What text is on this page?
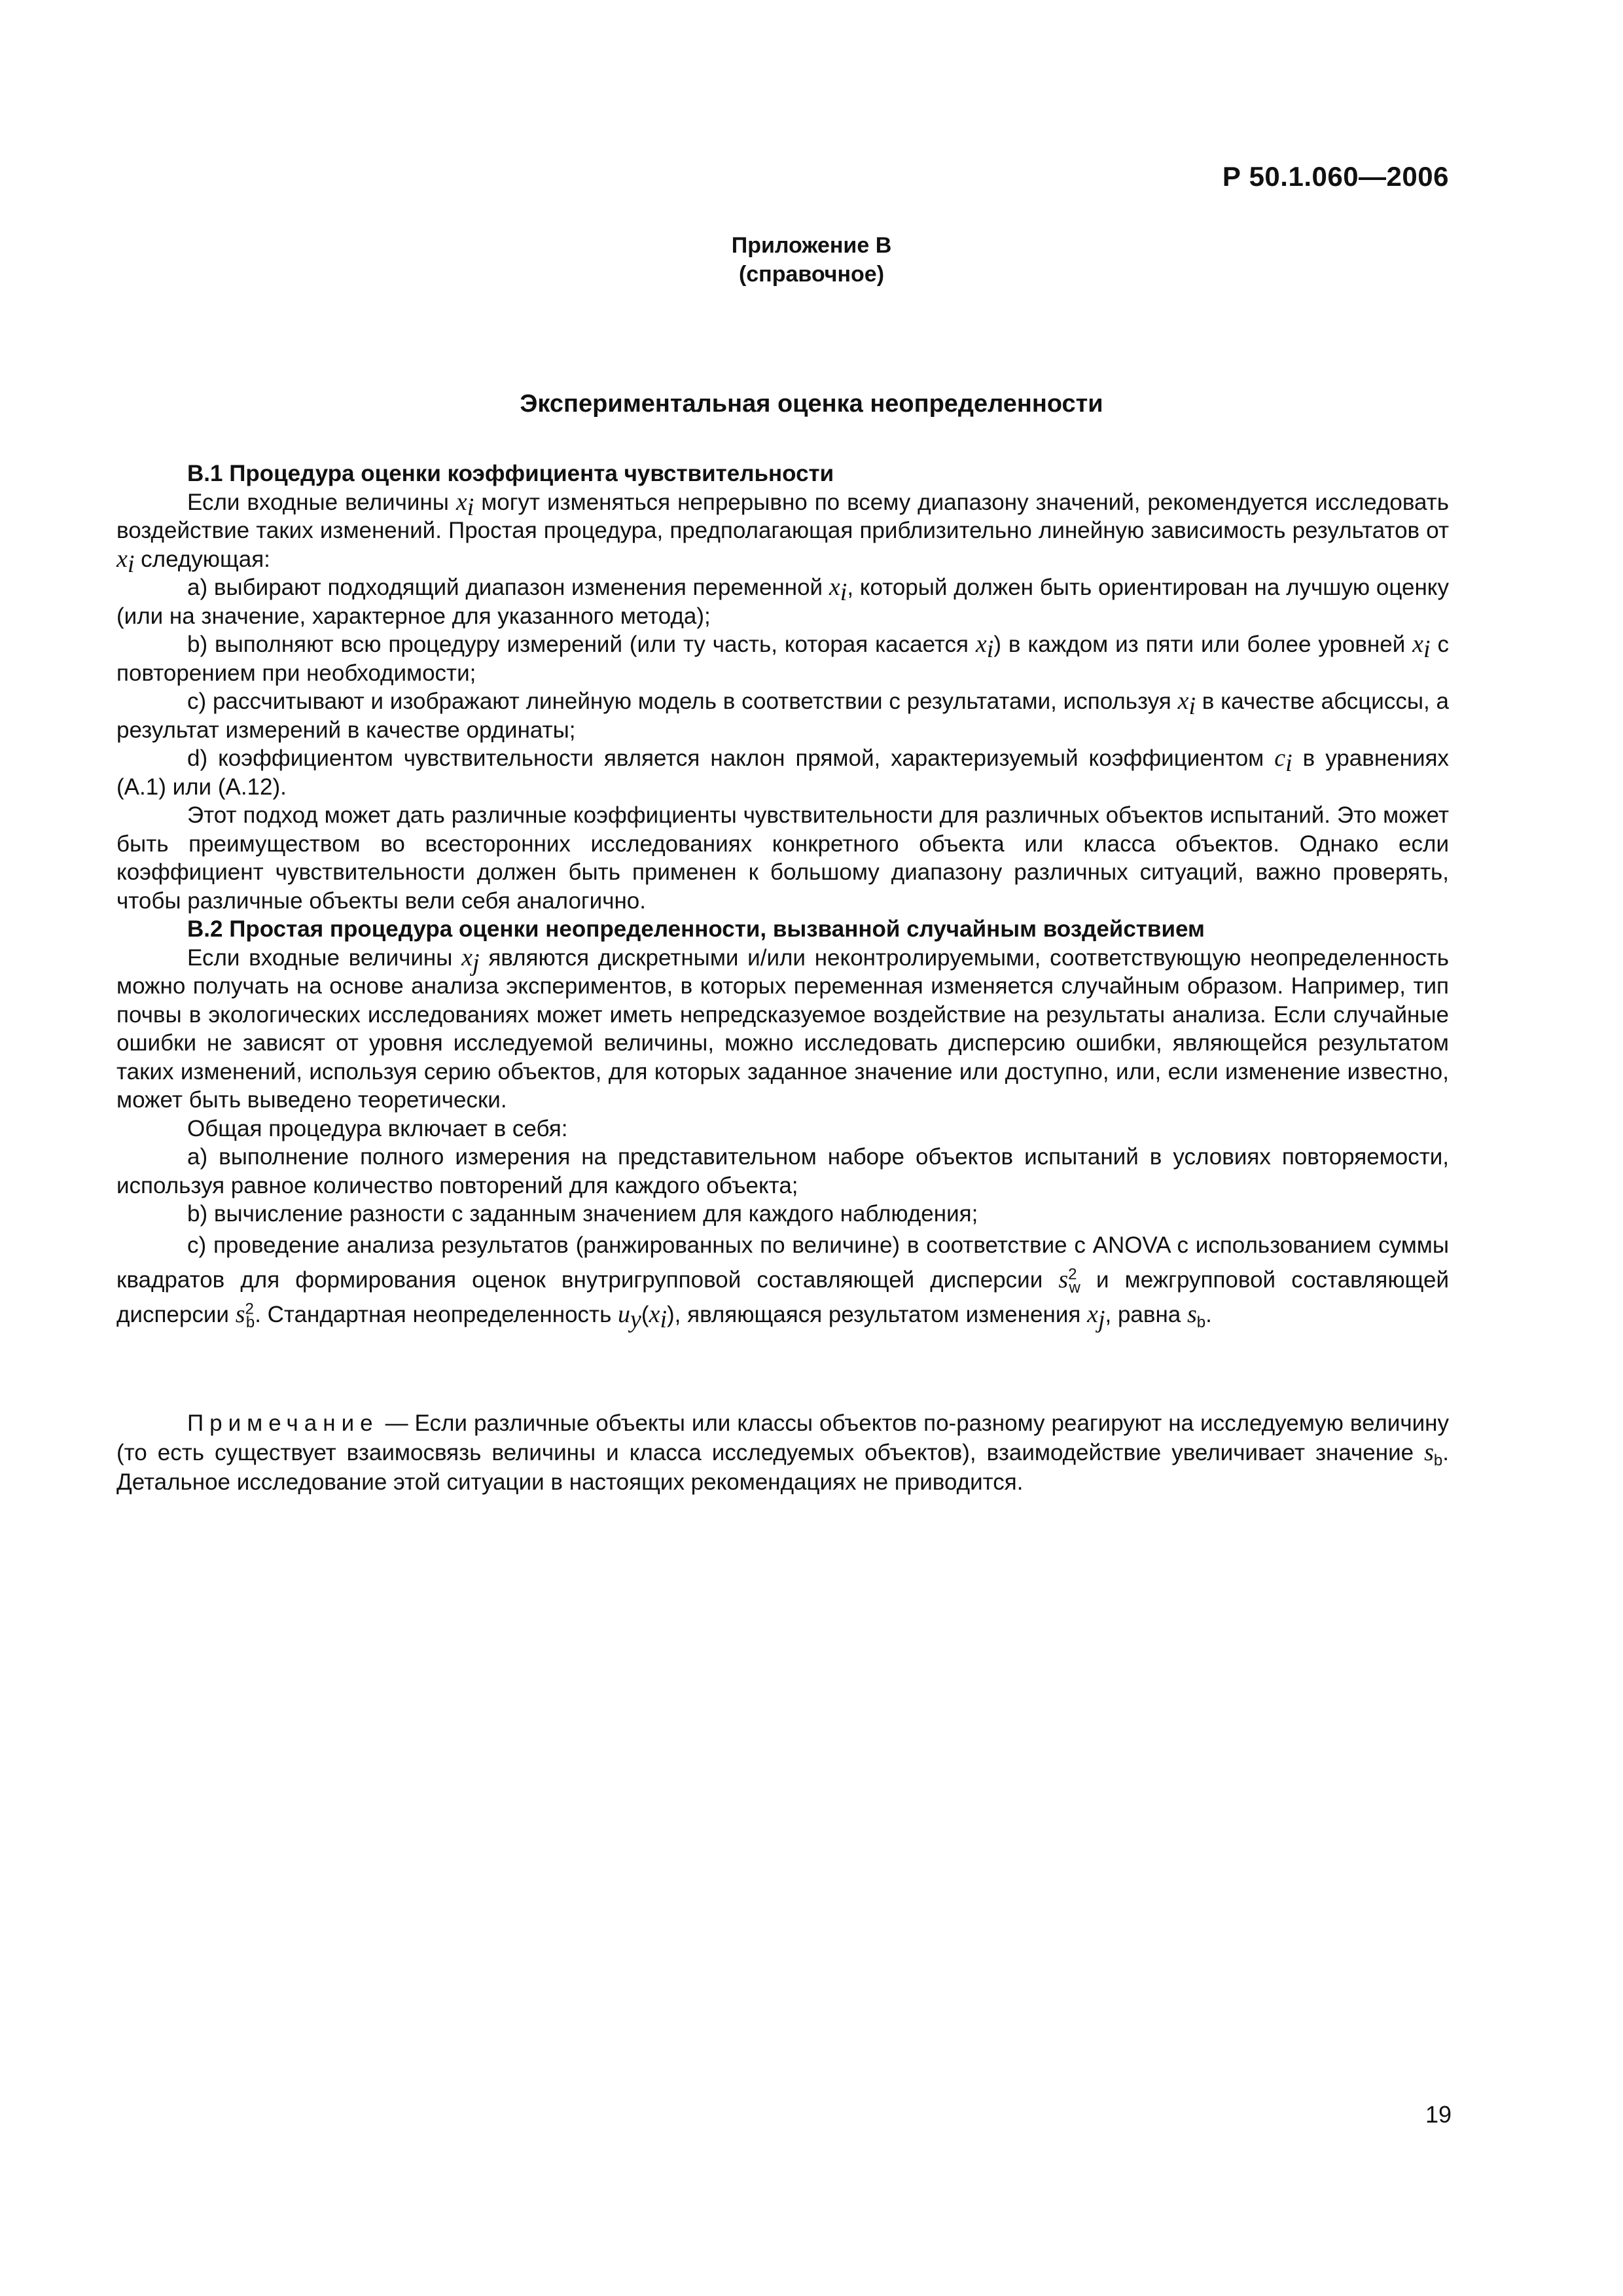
Р 50.1.060—2006
Приложение В
(справочное)
Экспериментальная оценка неопределенности

В.1 Процедура оценки коэффициента чувствительности

Если входные величины $x_i$ могут изменяться непрерывно по всему диапазону значений, рекомендуется исследовать воздействие таких изменений. Простая процедура, предполагающая приблизительно линейную зависимость результатов от $x_i$ следующая:

а) выбирают подходящий диапазон изменения переменной $x_i$, который должен быть ориентирован на лучшую оценку (или на значение, характерное для указанного метода);

b) выполняют всю процедуру измерений (или ту часть, которая касается $x_i$) в каждом из пяти или более уровней $x_i$ с повторением при необходимости;

с) рассчитывают и изображают линейную модель в соответствии с результатами, используя $x_i$ в качестве абсциссы, а результат измерений в качестве ординаты;

d) коэффициентом чувствительности является наклон прямой, характеризуемый коэффициентом $c_i$ в уравнениях (А.1) или (А.12).

Этот подход может дать различные коэффициенты чувствительности для различных объектов испытаний. Это может быть преимуществом во всесторонних исследованиях конкретного объекта или класса объектов. Однако если коэффициент чувствительности должен быть применен к большому диапазону различных ситуаций, важно проверять, чтобы различные объекты вели себя аналогично.

В.2 Простая процедура оценки неопределенности, вызванной случайным воздействием

Если входные величины $x_j$ являются дискретными и/или неконтролируемыми, соответствующую неопределенность можно получать на основе анализа экспериментов, в которых переменная изменяется случайным образом. Например, тип почвы в экологических исследованиях может иметь непредсказуемое воздействие на результаты анализа. Если случайные ошибки не зависят от уровня исследуемой величины, можно исследовать дисперсию ошибки, являющейся результатом таких изменений, используя серию объектов, для которых заданное значение или доступно, или, если изменение известно, может быть выведено теоретически.

Общая процедура включает в себя:

а) выполнение полного измерения на представительном наборе объектов испытаний в условиях повторяемости, используя равное количество повторений для каждого объекта;

b) вычисление разности с заданным значением для каждого наблюдения;

с) проведение анализа результатов (ранжированных по величине) в соответствие с ANOVA с использованием суммы квадратов для формирования оценок внутригрупповой составляющей дисперсии $s^2_w$ и межгрупповой составляющей дисперсии $s^2_b$. Стандартная неопределенность $u_y(x_i)$, являющаяся результатом изменения $x_j$, равна $s_b$.

Примечание — Если различные объекты или классы объектов по-разному реагируют на исследуемую величину (то есть существует взаимосвязь величины и класса исследуемых объектов), взаимодействие увеличивает значение $s_b$. Детальное исследование этой ситуации в настоящих рекомендациях не приводится.

19
